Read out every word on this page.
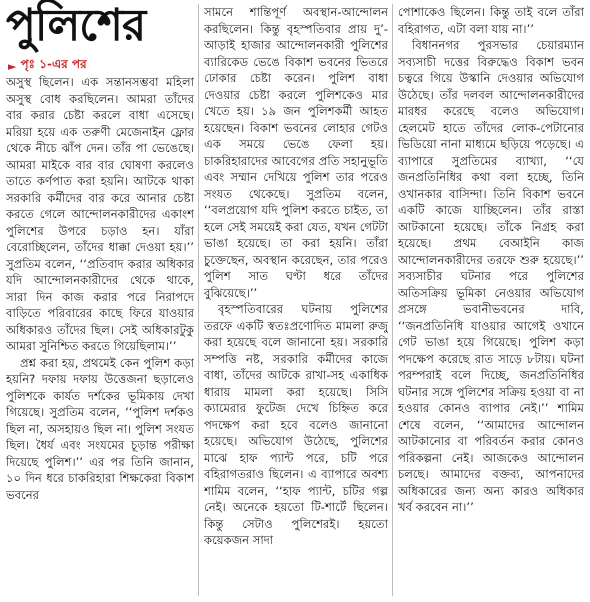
পুলিশের
► পৃঃ ১-এর পর

অসুস্থ ছিলেন। এক সন্তানসম্ভবা মহিলা অসুস্থ বোধ করছিলেন। আমরা তাঁদের বার করার চেষ্টা করলে বাধা এসেছে। মরিয়া হয়ে এক তরুণী মেজেনাইন ফ্লোর থেকে নীচে ঝাঁপ দেন। তাঁর পা ভেঙেছে। আমরা মাইকে বার বার ঘোষণা করলেও তাতে কর্ণপাত করা হয়নি। আটকে থাকা সরকারি কর্মীদের বার করে আনার চেষ্টা করতে গেলে আন্দোলনকারীদের একাংশ পুলিশের উপরে চড়াও হন। যাঁরা বেরোচ্ছিলেন, তাঁদের ধাক্কা দেওয়া হয়।’’ সুপ্রতিম বলেন, ‘‘প্রতিবাদ করার অধিকার যদি আন্দোলনকারীদের থেকে থাকে, সারা দিন কাজ করার পরে নিরাপদে বাড়িতে পরিবারের কাছে ফিরে যাওয়ার অধিকারও তাঁদের ছিল। সেই অধিকারটুকু আমরা সুনিশ্চিত করতে গিয়েছিলাম।’’

প্রশ্ন করা হয়, প্রথমেই কেন পুলিশ কড়া হয়নি? দফায় দফায় উত্তেজনা ছড়ালেও পুলিশকে কার্যত দর্শকের ভূমিকায় দেখা গিয়েছে। সুপ্রতিম বলেন, ‘‘পুলিশ দর্শকও ছিল না, অসহায়ও ছিল না। পুলিশ সংযত ছিল। ধৈর্য এবং সংযমের চূড়ান্ত পরীক্ষা দিয়েছে পুলিশ।’’ এর পর তিনি জানান, ১০ দিন ধরে চাকরিহারা শিক্ষকেরা বিকাশ ভবনের

সামনে শান্তিপূর্ণ অবস্থান-আন্দোলন করছিলেন। কিন্তু বৃহস্পতিবার প্রায় দু’-আড়াই হাজার আন্দোলনকারী পুলিশের ব্যারিকেড ভেঙে বিকাশ ভবনের ভিতরে ঢোকার চেষ্টা করেন। পুলিশ বাধা দেওয়ার চেষ্টা করলে পুলিশকেও মার খেতে হয়। ১৯ জন পুলিশকর্মী আহত হয়েছেন। বিকাশ ভবনের লোহার গেটও এক সময়ে ভেঙে ফেলা হয়। চাকরিহারাদের আবেগের প্রতি সহানুভূতি এবং সম্মান দেখিয়ে পুলিশ তার পরেও সংযত থেকেছে। সুপ্রতিম বলেন, ‘‘বলপ্রয়োগ যদি পুলিশ করতে চাইত, তা হলে সেই সময়েই করা যেত, যখন গেটটা ভাঙা হয়েছে। তা করা হয়নি। তাঁরা চুক্তেছেন, অবস্থান করেছেন, তার পরেও পুলিশ সাত ঘণ্টা ধরে তাঁদের বুঝিয়েছে।’’

বৃহস্পতিবারের ঘটনায় পুলিশের তরফে একটি স্বতঃপ্রণোদিত মামলা রুজু করা হয়েছে বলে জানানো হয়। সরকারি সম্পত্তি নষ্ট, সরকারি কর্মীদের কাজে বাধা, তাঁদের আটকে রাখা-সহ একাধিক ধারায় মামলা করা হয়েছে। সিসি ক্যামেরার ফুটেজ দেখে চিহ্নিত করে পদক্ষেপ করা হবে বলেও জানানো হয়েছে। অভিযোগ উঠেছে, পুলিশের মাঝে হাফ প্যান্ট পরে, চটি পরে বহিরাগতরাও ছিলেন। এ ব্যাপারে অবশ্য শামিম বলেন, ‘‘হাফ প্যান্ট, চটির গল্প নেই। অনেকে হয়তো টি-শার্টে ছিলেন। কিন্তু সেটাও পুলিশেরই। হয়তো কয়েকজন সাদা

পোশাকেও ছিলেন। কিন্তু তাই বলে তাঁরা বহিরাগত, এটা বলা যায় না।’’

বিধাননগর পুরসভার চেয়ারম্যান সব্যসাচী দত্তের বিরুদ্ধেও বিকাশ ভবন চত্বরে গিয়ে উস্কানি দেওয়ার অভিযোগ উঠেছে। তাঁর দলবল আন্দোলনকারীদের মারধর করেছে বলেও অভিযোগ। হেলমেট হাতে তাঁদের লোক-পেটানোর ভিডিয়ো নানা মাধ্যমে ছড়িয়ে পড়েছে। এ ব্যাপারে সুপ্রতিমের ব্যাখ্যা, ‘‘যে জনপ্রতিনিধির কথা বলা হচ্ছে, তিনি ওখানকার বাসিন্দা। তিনি বিকাশ ভবনে একটি কাজে যাচ্ছিলেন। তাঁর রাস্তা আটকানো হয়েছে। তাঁকে নিগ্রহ করা হয়েছে। প্রথম বেআইনি কাজ আন্দোলনকারীদের তরফে শুরু হয়েছে।’’ সব্যসাচীর ঘটনার পরে পুলিশের অতিসক্রিয় ভূমিকা নেওয়ার অভিযোগ প্রসঙ্গে ভবানীভবনের দাবি, ‘‘জনপ্রতিনিধি যাওয়ার আগেই ওখানে গেট ভাঙা হয়ে গিয়েছে। পুলিশ কড়া পদক্ষেপ করেছে রাত সাড়ে ৮টায়। ঘটনা পরম্পরাই বলে দিচ্ছে, জনপ্রতিনিধির ঘটনার সঙ্গে পুলিশের সক্রিয় হওয়া বা না হওয়ার কোনও ব্যাপার নেই।’’ শামিম শেষে বলেন, ‘‘আমাদের আন্দোলন আটকানোর বা পরিবর্তন করার কোনও পরিকল্পনা নেই। আজকেও আন্দোলন চলছে। আমাদের বক্তব্য, আপনাদের অধিকারের জন্য অন্য কারও অধিকার খর্ব করবেন না।’’
